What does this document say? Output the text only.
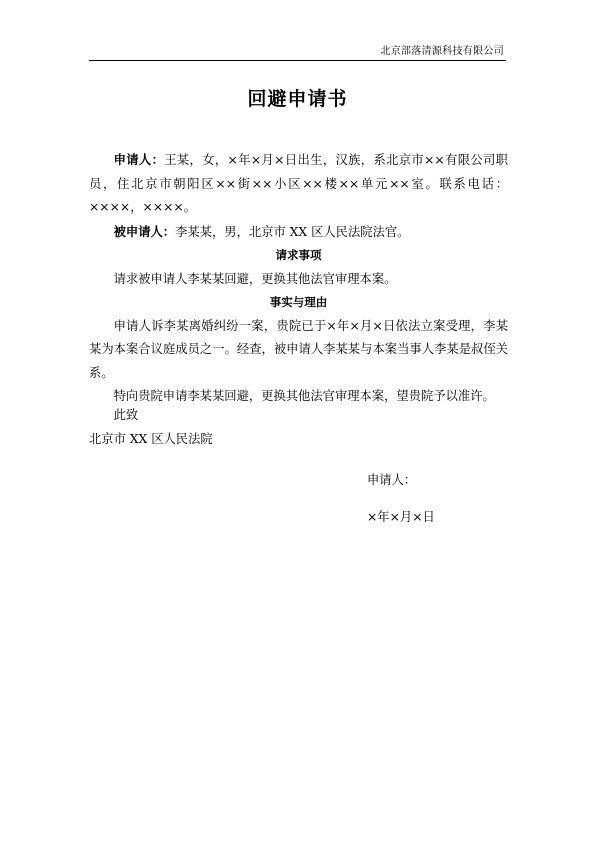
北京部落清源科技有限公司
回避申请书

申请人：王某，女，×年×月×日出生，汉族，系北京市××有限公司职员，住北京市朝阳区××街××小区××楼××单元××室。联系电话：××××，××××。

被申请人：李某某，男，北京市 XX 区人民法院法官。

请求事项

请求被申请人李某某回避，更换其他法官审理本案。

事实与理由

申请人诉李某离婚纠纷一案，贵院已于×年×月×日依法立案受理，李某某为本案合议庭成员之一。经查，被申请人李某某与本案当事人李某是叔侄关系。

特向贵院申请李某某回避，更换其他法官审理本案，望贵院予以准许。

此致
北京市 XX 区人民法院

申请人：

×年×月×日
